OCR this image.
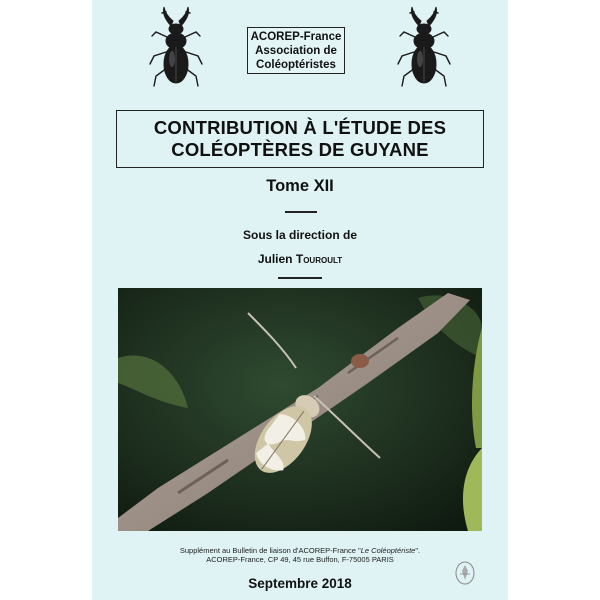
ACOREP-France
Association de
Coléoptéristes
CONTRIBUTION À L'ÉTUDE DES
COLÉOPTÈRES DE GUYANE
Tome XII
Sous la direction de
Julien Touroult
Supplément au Bulletin de liaison d'ACOREP-France "Le Coléoptériste".
ACOREP-France, CP 49, 45 rue Buffon, F-75005 PARIS
Septembre 2018
